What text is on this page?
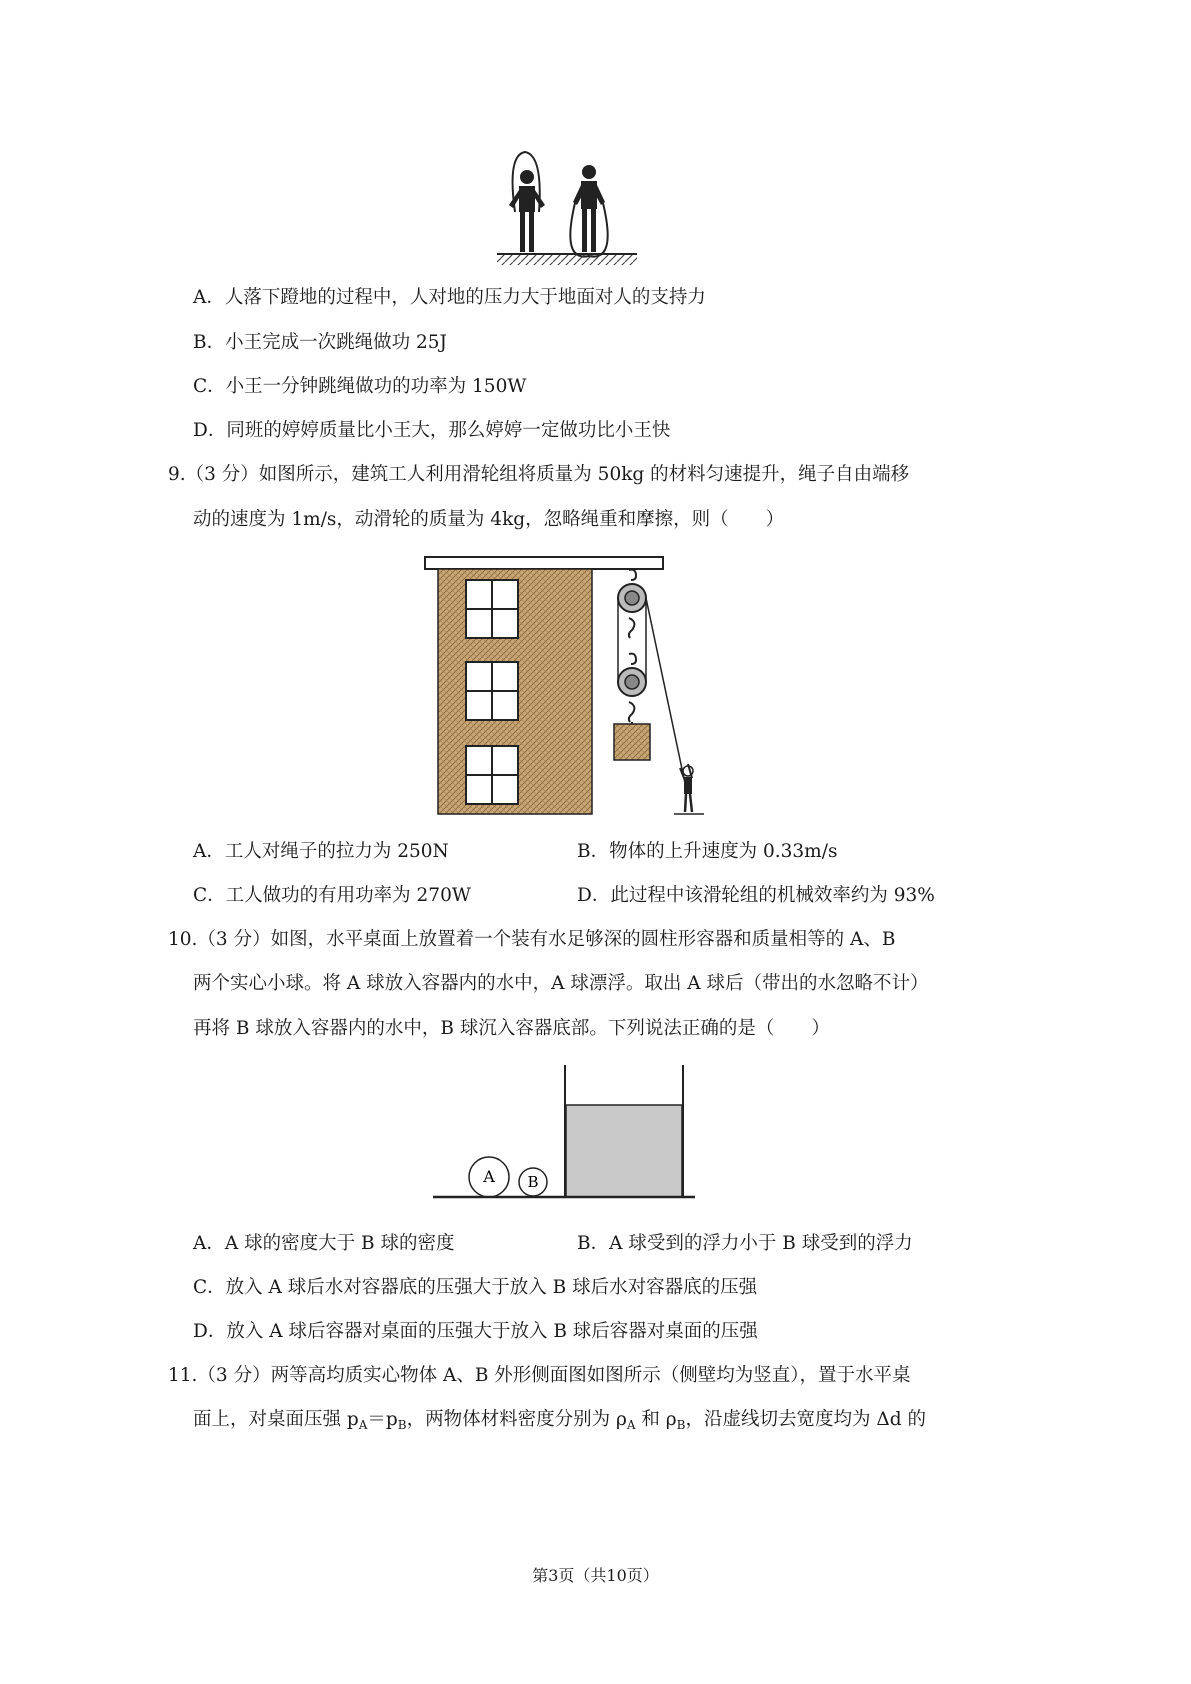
A．人落下蹬地的过程中，人对地的压力大于地面对人的支持力
B．小王完成一次跳绳做功 25J
C．小王一分钟跳绳做功的功率为 150W
D．同班的婷婷质量比小王大，那么婷婷一定做功比小王快
9.（3 分）如图所示，建筑工人利用滑轮组将质量为 50kg 的材料匀速提升，绳子自由端移
动的速度为 1m/s，动滑轮的质量为 4kg，忽略绳重和摩擦，则（　　）
A．工人对绳子的拉力为 250N	B．物体的上升速度为 0.33m/s
C．工人做功的有用功率为 270W	D．此过程中该滑轮组的机械效率约为 93%
10.（3 分）如图，水平桌面上放置着一个装有水足够深的圆柱形容器和质量相等的 A、B
两个实心小球。将 A 球放入容器内的水中，A 球漂浮。取出 A 球后（带出的水忽略不计）
再将 B 球放入容器内的水中，B 球沉入容器底部。下列说法正确的是（　　）
A B
A．A 球的密度大于 B 球的密度	B．A 球受到的浮力小于 B 球受到的浮力
C．放入 A 球后水对容器底的压强大于放入 B 球后水对容器底的压强
D．放入 A 球后容器对桌面的压强大于放入 B 球后容器对桌面的压强
11.（3 分）两等高均质实心物体 A、B 外形侧面图如图所示（侧壁均为竖直），置于水平桌
面上，对桌面压强 $p_A=p_B$，两物体材料密度分别为 $\rho_A$ 和 $\rho_B$，沿虚线切去宽度均为 Δd 的
第3页（共10页）
